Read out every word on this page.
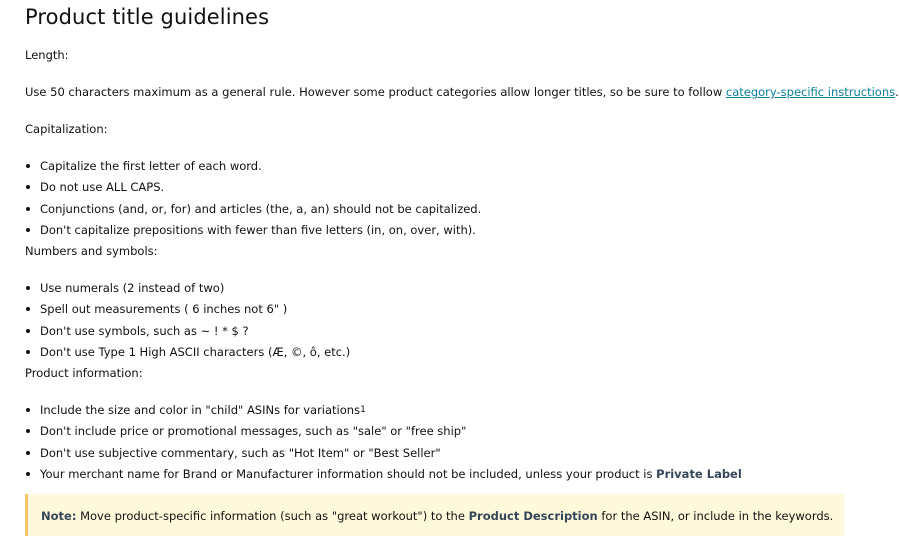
Product title guidelines
Length:
Use 50 characters maximum as a general rule. However some product categories allow longer titles, so be sure to follow category-specific instructions.
Capitalization:
Capitalize the first letter of each word.
Do not use ALL CAPS.
Conjunctions (and, or, for) and articles (the, a, an) should not be capitalized.
Don't capitalize prepositions with fewer than five letters (in, on, over, with).
Numbers and symbols:
Use numerals (2 instead of two)
Spell out measurements ( 6 inches not 6" )
Don't use symbols, such as ~ ! * $ ?
Don't use Type 1 High ASCII characters (Æ, ©, ô, etc.)
Product information:
Include the size and color in "child" ASINs for variations$^1$
Don't include price or promotional messages, such as "sale" or "free ship"
Don't use subjective commentary, such as "Hot Item" or "Best Seller"
Your merchant name for Brand or Manufacturer information should not be included, unless your product is Private Label
Note: Move product-specific information (such as "great workout") to the Product Description for the ASIN, or include in the keywords.
